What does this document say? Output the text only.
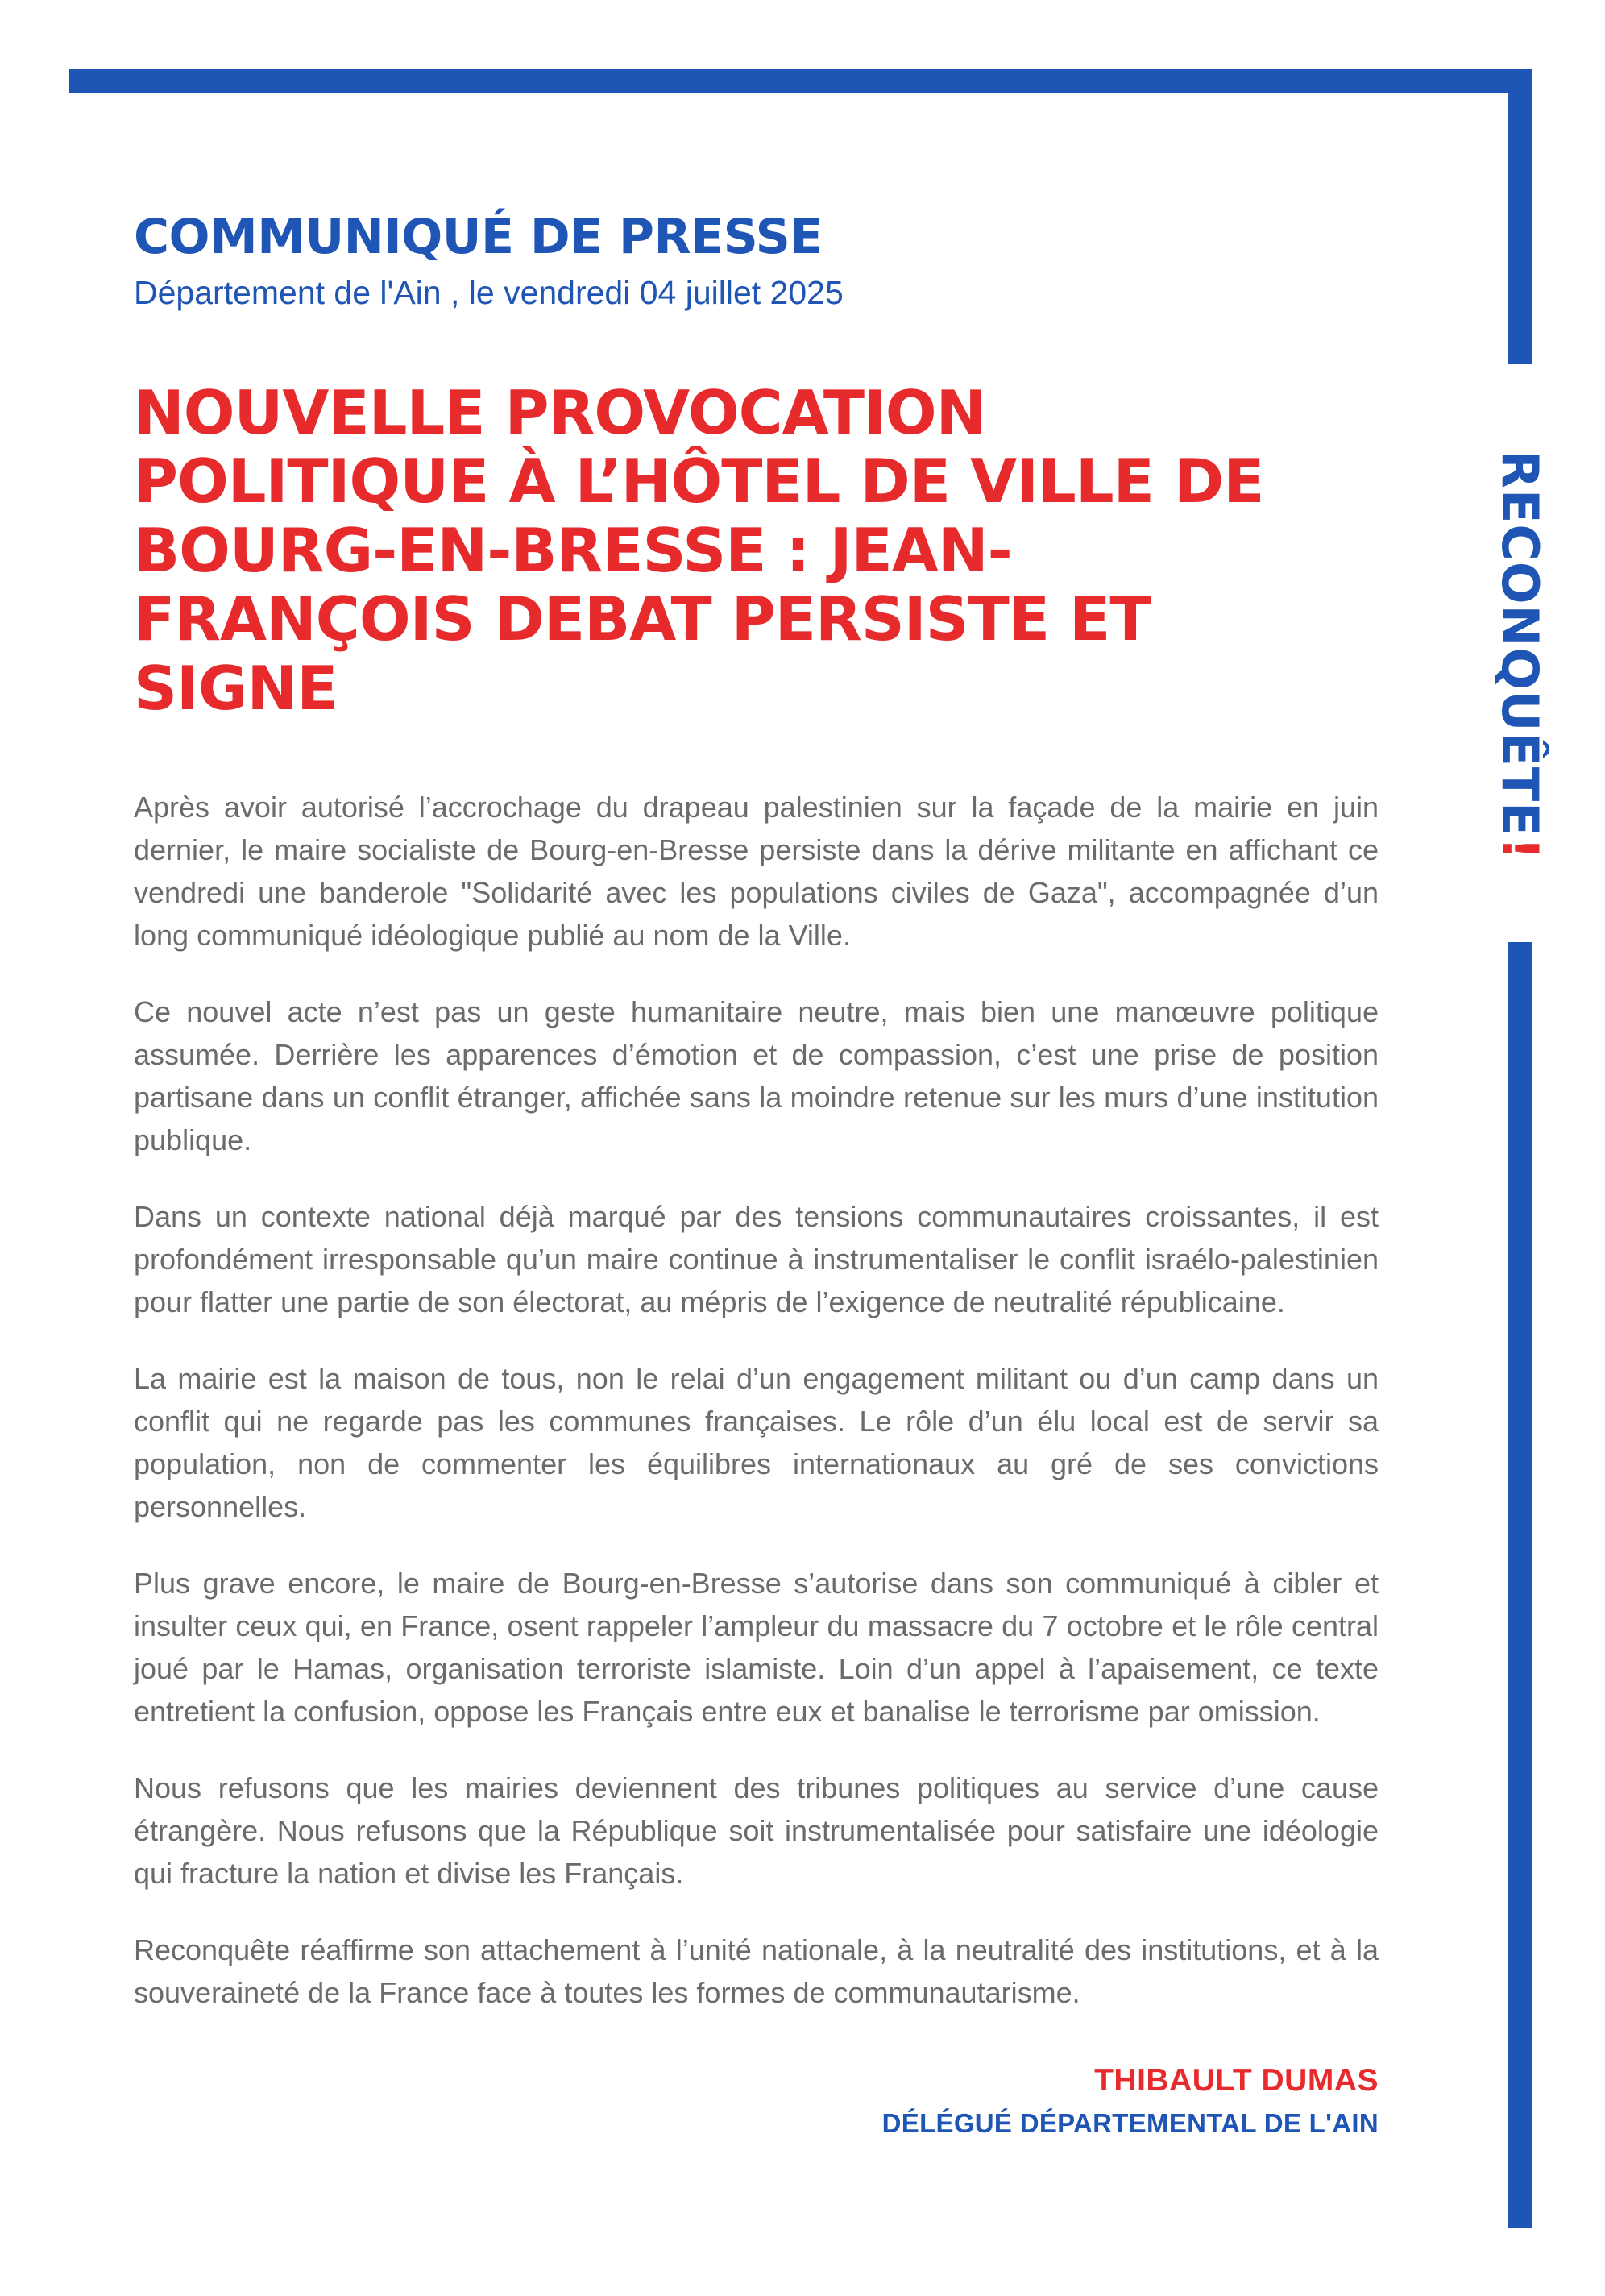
RECONQUÊTE!
COMMUNIQUÉ DE PRESSE
Département de l'Ain , le vendredi 04 juillet 2025
NOUVELLE PROVOCATION POLITIQUE À L’HÔTEL DE VILLE DE BOURG-EN-BRESSE : JEAN-FRANÇOIS DEBAT PERSISTE ET SIGNE

Après avoir autorisé l’accrochage du drapeau palestinien sur la façade de la mairie en juin dernier, le maire socialiste de Bourg-en-Bresse persiste dans la dérive militante en affichant ce vendredi une banderole "Solidarité avec les populations civiles de Gaza", accompagnée d’un long communiqué idéologique publié au nom de la Ville.

Ce nouvel acte n’est pas un geste humanitaire neutre, mais bien une manœuvre politique assumée. Derrière les apparences d’émotion et de compassion, c’est une prise de position partisane dans un conflit étranger, affichée sans la moindre retenue sur les murs d’une institution publique.

Dans un contexte national déjà marqué par des tensions communautaires croissantes, il est profondément irresponsable qu’un maire continue à instrumentaliser le conflit israélo-palestinien pour flatter une partie de son électorat, au mépris de l’exigence de neutralité républicaine.

La mairie est la maison de tous, non le relai d’un engagement militant ou d’un camp dans un conflit qui ne regarde pas les communes françaises. Le rôle d’un élu local est de servir sa population, non de commenter les équilibres internationaux au gré de ses convictions personnelles.

Plus grave encore, le maire de Bourg-en-Bresse s’autorise dans son communiqué à cibler et insulter ceux qui, en France, osent rappeler l’ampleur du massacre du 7 octobre et le rôle central joué par le Hamas, organisation terroriste islamiste. Loin d’un appel à l’apaisement, ce texte entretient la confusion, oppose les Français entre eux et banalise le terrorisme par omission.

Nous refusons que les mairies deviennent des tribunes politiques au service d’une cause étrangère. Nous refusons que la République soit instrumentalisée pour satisfaire une idéologie qui fracture la nation et divise les Français.

Reconquête réaffirme son attachement à l’unité nationale, à la neutralité des institutions, et à la souveraineté de la France face à toutes les formes de communautarisme.

THIBAULT DUMAS
DÉLÉGUÉ DÉPARTEMENTAL DE L'AIN
